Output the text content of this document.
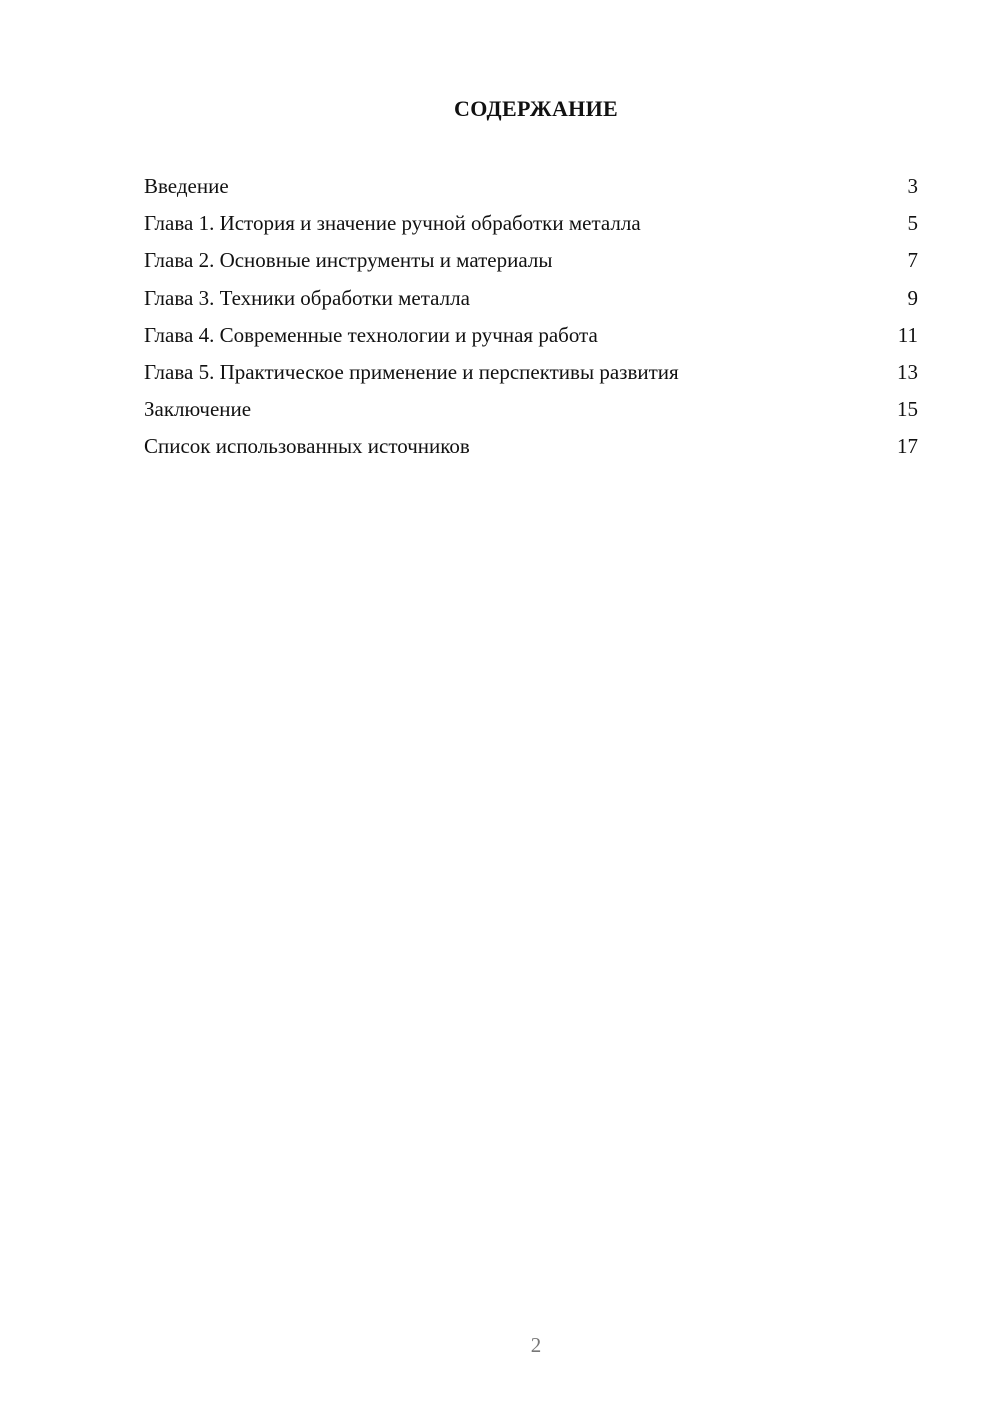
СОДЕРЖАНИЕ
Введение	3
Глава 1. История и значение ручной обработки металла	5
Глава 2. Основные инструменты и материалы	7
Глава 3. Техники обработки металла	9
Глава 4. Современные технологии и ручная работа	11
Глава 5. Практическое применение и перспективы развития	13
Заключение	15
Список использованных источников	17
2
